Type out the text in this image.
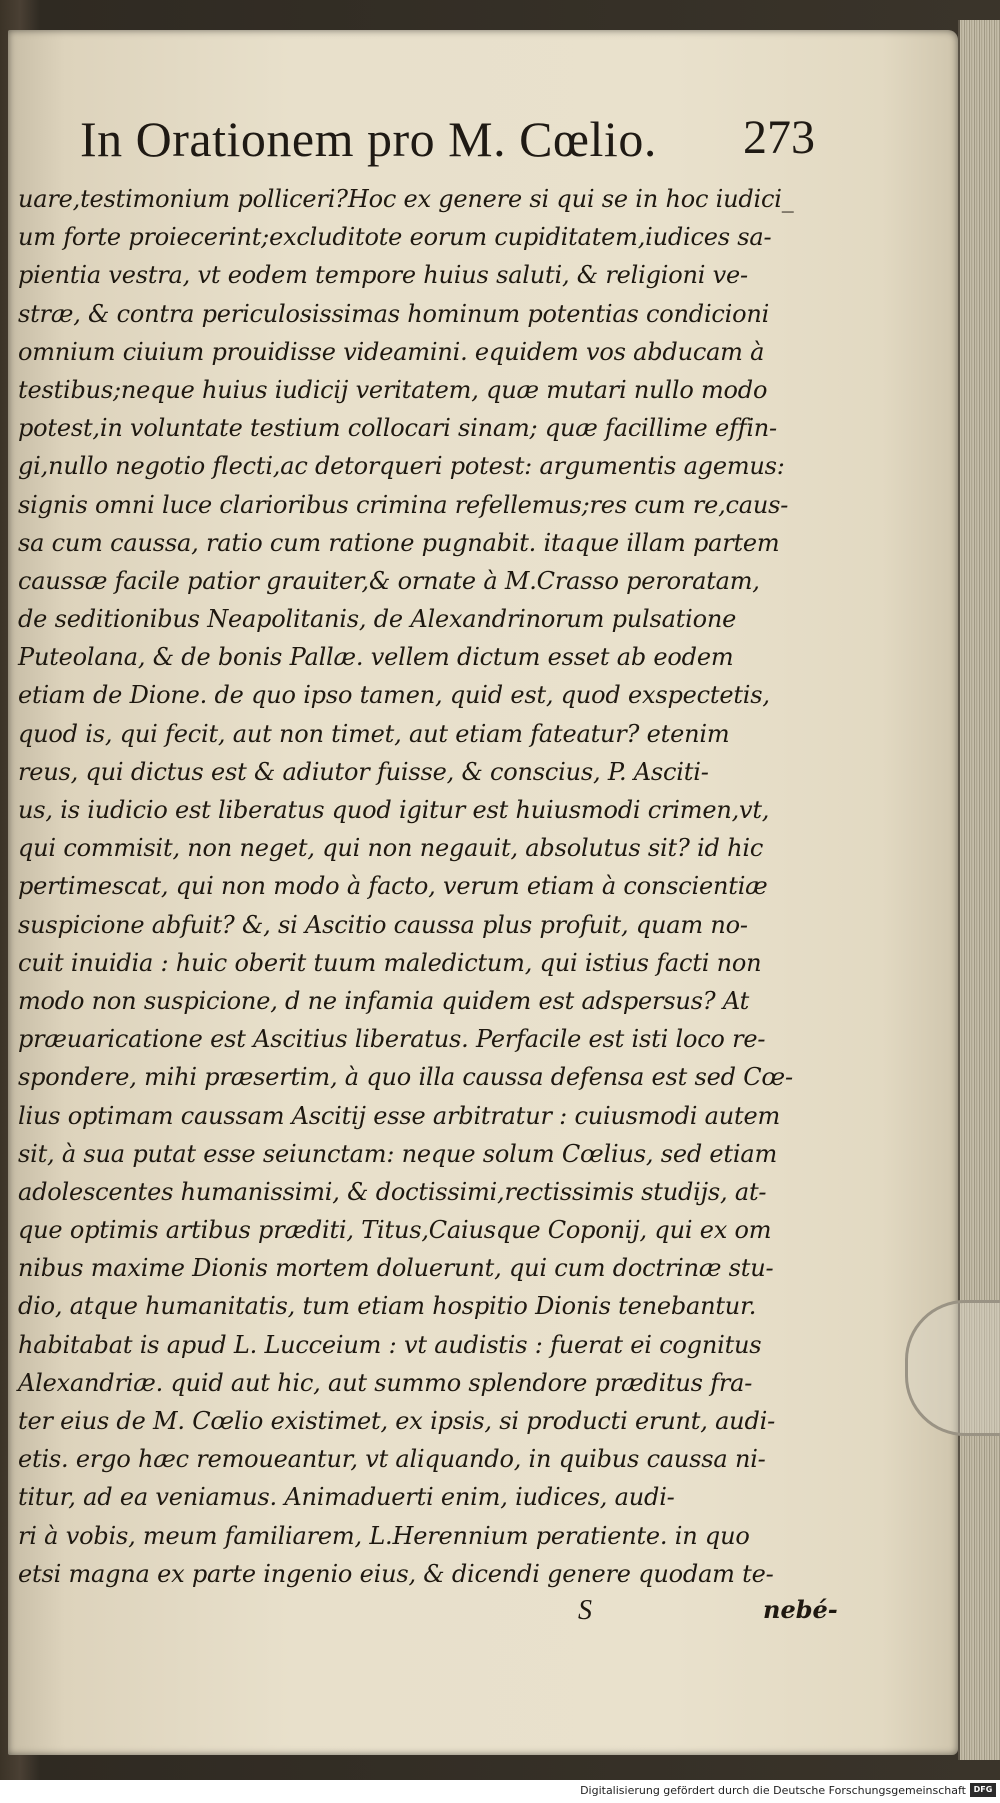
In Orationem pro M. Cœlio. 273
uare,testimonium polliceri?Hoc ex genere si qui se in hoc iudici_
um forte proiecerint;excluditote eorum cupiditatem,iudices sa-
pientia vestra, vt eodem tempore huius saluti, & religioni ve-
stræ, & contra periculosissimas hominum potentias condicioni
omnium ciuium prouidisse videamini. equidem vos abducam à
testibus;neque huius iudicij veritatem, quæ mutari nullo modo
potest,in voluntate testium collocari sinam; quæ facillime effin-
gi,nullo negotio flecti,ac detorqueri potest: argumentis agemus:
signis omni luce clarioribus crimina refellemus;res cum re,caus-
sa cum caussa, ratio cum ratione pugnabit. itaque illam partem
caussæ facile patior grauiter,& ornate à M.Crasso peroratam,
de seditionibus Neapolitanis, de Alexandrinorum pulsatione
Puteolana, & de bonis Pallæ. vellem dictum esset ab eodem
etiam de Dione. de quo ipso tamen, quid est, quod exspectetis,
quod is, qui fecit, aut non timet, aut etiam fateatur? etenim
reus, qui dictus est & adiutor fuisse, & conscius, P. Asciti-
us, is iudicio est liberatus quod igitur est huiusmodi crimen,vt,
qui commisit, non neget, qui non negauit, absolutus sit? id hic
pertimescat, qui non modo à facto, verum etiam à conscientiæ
suspicione abfuit? &, si Ascitio caussa plus profuit, quam no-
cuit inuidia : huic oberit tuum maledictum, qui istius facti non
modo non suspicione, d ne infamia quidem est adspersus? At
præuaricatione est Ascitius liberatus. Perfacile est isti loco re-
spondere, mihi præsertim, à quo illa caussa defensa est sed Cœ-
lius optimam caussam Ascitij esse arbitratur : cuiusmodi autem
sit, à sua putat esse seiunctam: neque solum Cœlius, sed etiam
adolescentes humanissimi, & doctissimi,rectissimis studijs, at-
que optimis artibus præditi, Titus,Caiusque Coponij, qui ex om
nibus maxime Dionis mortem doluerunt, qui cum doctrinæ stu-
dio, atque humanitatis, tum etiam hospitio Dionis tenebantur.
habitabat is apud L. Lucceium : vt audistis : fuerat ei cognitus
Alexandriæ. quid aut hic, aut summo splendore præditus fra-
ter eius de M. Cœlio existimet, ex ipsis, si producti erunt, audi-
etis. ergo hæc remoueantur, vt aliquando, in quibus caussa ni-
titur, ad ea veniamus. Animaduerti enim, iudices, audi-
ri à vobis, meum familiarem, L.Herennium peratiente. in quo
etsi magna ex parte ingenio eius, & dicendi genere quodam te-
S	nebé-
Digitalisierung gefördert durch die Deutsche Forschungsgemeinschaft DFG
